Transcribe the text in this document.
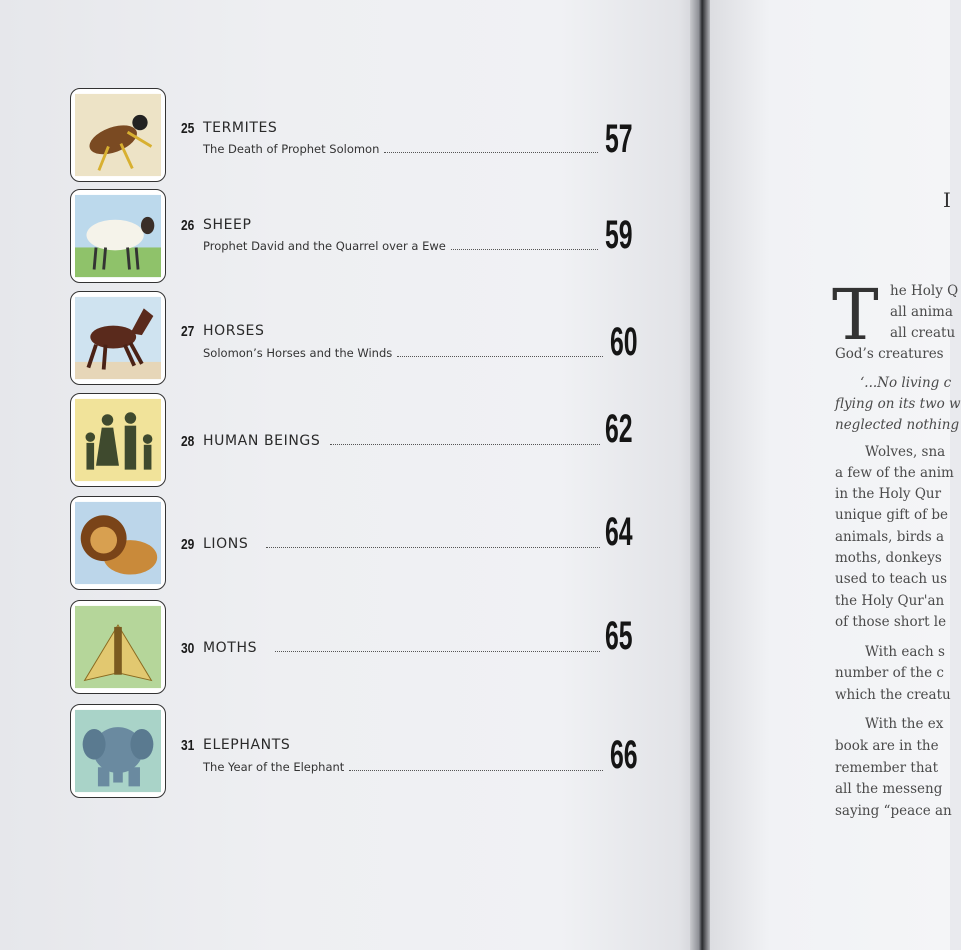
25 TERMITES
The Death of Prophet Solomon	57
26 SHEEP
Prophet David and the Quarrel over a Ewe	59
27 HORSES
Solomon’s Horses and the Winds	60
28 HUMAN BEINGS	62
29 LIONS	64
30 MOTHS	65
31 ELEPHANTS
The Year of the Elephant	66
I
T he Holy Q
all anima
all creatu
God’s creatures
‘...No living c
flying on its two w
neglected nothing
Wolves, sna
a few of the anim
in the Holy Qur
unique gift of be
animals, birds a
moths, donkeys
used to teach us
the Holy Qur'an
of those short le
With each s
number of the c
which the creatu
With the ex
book are in the
remember that
all the messeng
saying “peace an
